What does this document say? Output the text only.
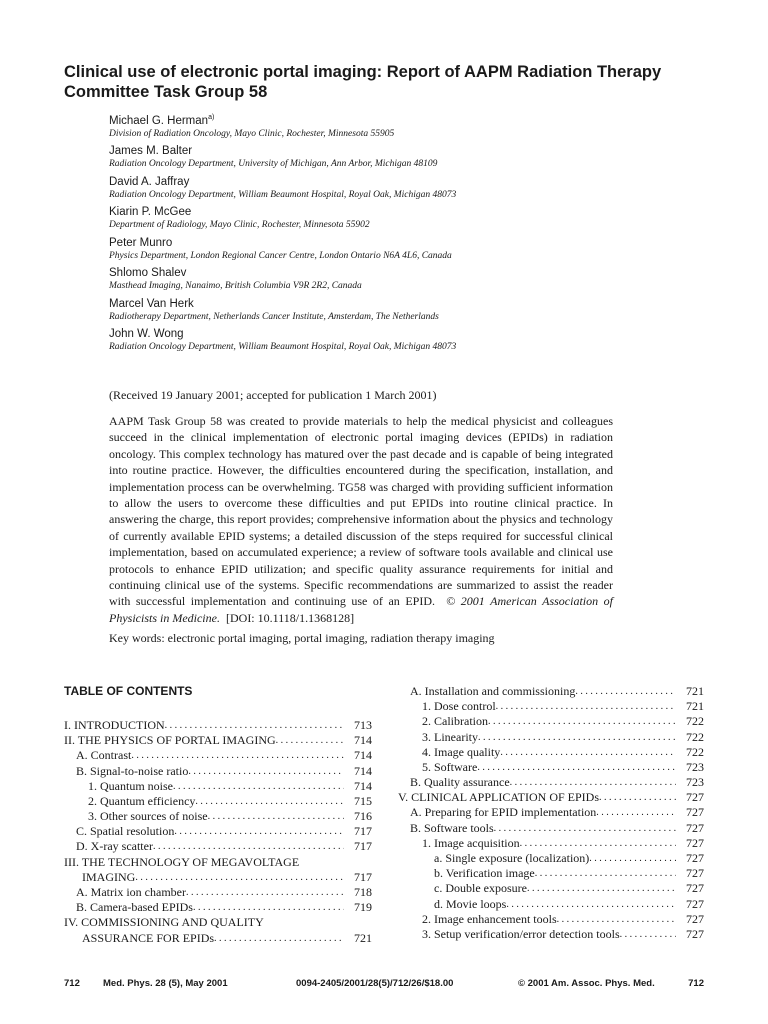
Clinical use of electronic portal imaging: Report of AAPM Radiation Therapy Committee Task Group 58
Michael G. Herman$^{a)}$
Division of Radiation Oncology, Mayo Clinic, Rochester, Minnesota 55905
James M. Balter
Radiation Oncology Department, University of Michigan, Ann Arbor, Michigan 48109
David A. Jaffray
Radiation Oncology Department, William Beaumont Hospital, Royal Oak, Michigan 48073
Kiarin P. McGee
Department of Radiology, Mayo Clinic, Rochester, Minnesota 55902
Peter Munro
Physics Department, London Regional Cancer Centre, London Ontario N6A 4L6, Canada
Shlomo Shalev
Masthead Imaging, Nanaimo, British Columbia V9R 2R2, Canada
Marcel Van Herk
Radiotherapy Department, Netherlands Cancer Institute, Amsterdam, The Netherlands
John W. Wong
Radiation Oncology Department, William Beaumont Hospital, Royal Oak, Michigan 48073
(Received 19 January 2001; accepted for publication 1 March 2001)
AAPM Task Group 58 was created to provide materials to help the medical physicist and colleagues succeed in the clinical implementation of electronic portal imaging devices (EPIDs) in radiation oncology. This complex technology has matured over the past decade and is capable of being integrated into routine practice. However, the difficulties encountered during the specification, installation, and implementation process can be overwhelming. TG58 was charged with providing sufficient information to allow the users to overcome these difficulties and put EPIDs into routine clinical practice. In answering the charge, this report provides; comprehensive information about the physics and technology of currently available EPID systems; a detailed discussion of the steps required for successful clinical implementation, based on accumulated experience; a review of software tools available and clinical use protocols to enhance EPID utilization; and specific quality assurance requirements for initial and continuing clinical use of the systems. Specific recommendations are summarized to assist the reader with successful implementation and continuing use of an EPID. © 2001 American Association of Physicists in Medicine. [DOI: 10.1118/1.1368128]
Key words: electronic portal imaging, portal imaging, radiation therapy imaging
TABLE OF CONTENTS
I. INTRODUCTION . . .	713
II. THE PHYSICS OF PORTAL IMAGING . . .	714
A. Contrast . . .	714
B. Signal-to-noise ratio . . .	714
1. Quantum noise . . .	714
2. Quantum efficiency . . .	715
3. Other sources of noise . . .	716
C. Spatial resolution . . .	717
D. X-ray scatter . . .	717
III. THE TECHNOLOGY OF MEGAVOLTAGE
IMAGING . . .	717
A. Matrix ion chamber . . .	718
B. Camera-based EPIDs . . .	719
IV. COMMISSIONING AND QUALITY
ASSURANCE FOR EPIDs . . .	721
A. Installation and commissioning . . .	721
1. Dose control . . .	721
2. Calibration . . .	722
3. Linearity . . .	722
4. Image quality . . .	722
5. Software . . .	723
B. Quality assurance . . .	723
V. CLINICAL APPLICATION OF EPIDs . . .	727
A. Preparing for EPID implementation . . .	727
B. Software tools . . .	727
1. Image acquisition . . .	727
a. Single exposure (localization) . . .	727
b. Verification image . . .	727
c. Double exposure . . .	727
d. Movie loops . . .	727
2. Image enhancement tools . . .	727
3. Setup verification/error detection tools . . .	727
712 Med. Phys. 28 (5), May 2001	0094-2405/2001/28(5)/712/26/$18.00	© 2001 Am. Assoc. Phys. Med.	712
